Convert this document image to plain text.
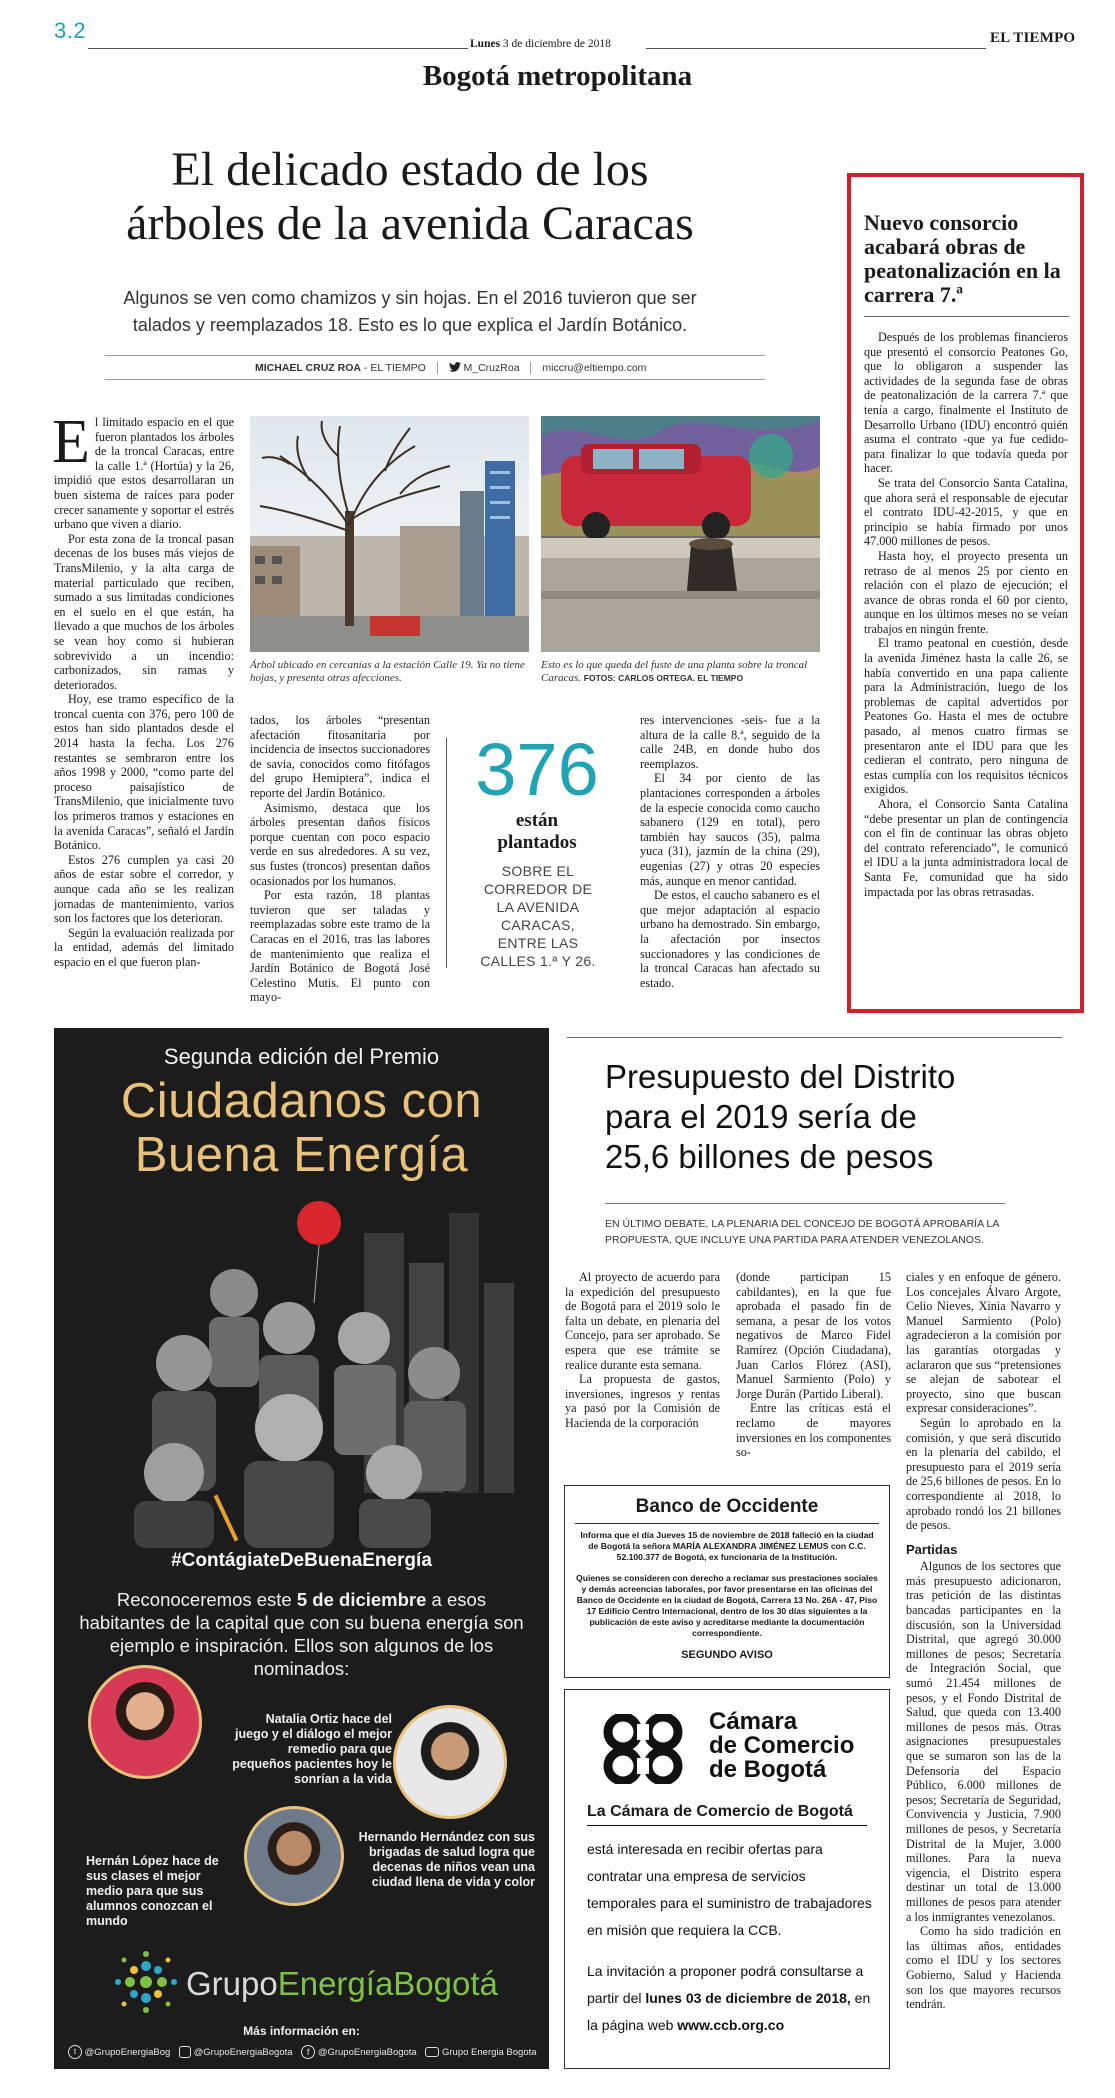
3.2
Lunes 3 de diciembre de 2018	EL TIEMPO
Bogotá metropolitana
El delicado estado de los
árboles de la avenida Caracas
Algunos se ven como chamizos y sin hojas. En el 2016 tuvieron que ser
talados y reemplazados 18. Esto es lo que explica el Jardín Botánico.
MICHAEL CRUZ ROA - EL TIEMPO	M_CruzRoa miccru@eltiempo.com
E l limitado espacio en el que fueron plantados los árboles de la troncal Caracas, entre la calle 1.ª (Hortúa) y la 26, impidió que estos desarrollaran un buen sistema de raíces para poder crecer sanamente y soportar el estrés urbano que viven a diario.

Por esta zona de la troncal pasan decenas de los buses más viejos de TransMilenio, y la alta carga de material particulado que reciben, sumado a sus limitadas condiciones en el suelo en el que están, ha llevado a que muchos de los árboles se vean hoy como si hubieran sobrevivido a un incendio: carbonizados, sin ramas y deteriorados.

Hoy, ese tramo específico de la troncal cuenta con 376, pero 100 de estos han sido plantados desde el 2014 hasta la fecha. Los 276 restantes se sembraron entre los años 1998 y 2000, “como parte del proceso paisajístico de TransMilenio, que inicialmente tuvo los primeros tramos y estaciones en la avenida Caracas”, señaló el Jardín Botánico.

Estos 276 cumplen ya casi 20 años de estar sobre el corredor, y aunque cada año se les realizan jornadas de mantenimiento, varios son los factores que los deterioran.

Según la evaluación realizada por la entidad, además del limitado espacio en el que fueron plan-

Árbol ubicado en cercanías a la estación Calle 19. Ya no tiene hojas, y presenta otras afecciones.
Esto es lo que queda del fuste de una planta sobre la troncal Caracas. FOTOS: CARLOS ORTEGA. EL TIEMPO

tados, los árboles “presentan afectación fitosanitaria por incidencia de insectos succionadores de savia, conocidos como fitófagos del grupo Hemiptera”, indica el reporte del Jardín Botánico.

Asimismo, destaca que los árboles presentan daños físicos porque cuentan con poco espacio verde en sus alrededores. A su vez, sus fustes (troncos) presentan daños ocasionados por los humanos.

Por esta razón, 18 plantas tuvieron que ser taladas y reemplazadas sobre este tramo de la Caracas en el 2016, tras las labores de mantenimiento que realiza el Jardín Botánico de Bogotá José Celestino Mutis. El punto con mayo-

376
están
plantados
SOBRE EL CORREDOR DE LA AVENIDA CARACAS, ENTRE LAS CALLES 1.ª Y 26.

res intervenciones -seis- fue a la altura de la calle 8.ª, seguido de la calle 24B, en donde hubo dos reemplazos.

El 34 por ciento de las plantaciones corresponden a árboles de la especie conocida como caucho sabanero (129 en total), pero también hay saucos (35), palma yuca (31), jazmín de la china (29), eugenias (27) y otras 20 especies más, aunque en menor cantidad.

De estos, el caucho sabanero es el que mejor adaptación al espacio urbano ha demostrado. Sin embargo, la afectación por insectos succionadores y las condiciones de la troncal Caracas han afectado su estado.

Nuevo consorcio acabará obras de peatonalización en la carrera 7.ª

Después de los problemas financieros que presentó el consorcio Peatones Go, que lo obligaron a suspender las actividades de la segunda fase de obras de peatonalización de la carrera 7.ª que tenía a cargo, finalmente el Instituto de Desarrollo Urbano (IDU) encontró quién asuma el contrato -que ya fue cedido- para finalizar lo que todavía queda por hacer.

Se trata del Consorcio Santa Catalina, que ahora será el responsable de ejecutar el contrato IDU-42-2015, y que en principio se había firmado por unos 47.000 millones de pesos.

Hasta hoy, el proyecto presenta un retraso de al menos 25 por ciento en relación con el plazo de ejecución; el avance de obras ronda el 60 por ciento, aunque en los últimos meses no se veían trabajos en ningún frente.

El tramo peatonal en cuestión, desde la avenida Jiménez hasta la calle 26, se había convertido en una papa caliente para la Administración, luego de los problemas de capital advertidos por Peatones Go. Hasta el mes de octubre pasado, al menos cuatro firmas se presentaron ante el IDU para que les cedieran el contrato, pero ninguna de estas cumplía con los requisitos técnicos exigidos.

Ahora, el Consorcio Santa Catalina “debe presentar un plan de contingencia con el fin de continuar las obras objeto del contrato referenciado”, le comunicó el IDU a la junta administradora local de Santa Fe, comunidad que ha sido impactada por las obras retrasadas.

Segunda edición del Premio
Ciudadanos con
Buena Energía
#ContágiateDeBuenaEnergía
Reconoceremos este 5 de diciembre a esos habitantes de la capital que con su buena energía son ejemplo e inspiración. Ellos son algunos de los nominados:
Natalia Ortiz hace del juego y el diálogo el mejor remedio para que pequeños pacientes hoy le sonrían a la vida
Hernando Hernández con sus brigadas de salud logra que decenas de niños vean una ciudad llena de vida y color
Hernán López hace de sus clases el mejor medio para que sus alumnos conozcan el mundo
GrupoEnergíaBogotá
Más información en:
t @GrupoEnergiaBog @GrupoEnergiaBogota f @GrupoEnergiaBogota	Grupo Energia Bogota
Presupuesto del Distrito
para el 2019 sería de
25,6 billones de pesos
EN ÚLTIMO DEBATE, LA PLENARIA DEL CONCEJO DE BOGOTÁ APROBARÍA LA PROPUESTA, QUE INCLUYE UNA PARTIDA PARA ATENDER VENEZOLANOS.

Al proyecto de acuerdo para la expedición del presupuesto de Bogotá para el 2019 solo le falta un debate, en plenaria del Concejo, para ser aprobado. Se espera que ese trámite se realice durante esta semana.

La propuesta de gastos, inversiones, ingresos y rentas ya pasó por la Comisión de Hacienda de la corporación

(donde participan 15 cabildantes), en la que fue aprobada el pasado fin de semana, a pesar de los votos negativos de Marco Fidel Ramírez (Opción Ciudadana), Juan Carlos Flórez (ASI), Manuel Sarmiento (Polo) y Jorge Durán (Partido Liberal).

Entre las críticas está el reclamo de mayores inversiones en los componentes so-

ciales y en enfoque de género. Los concejales Álvaro Argote, Celio Nieves, Xinia Navarro y Manuel Sarmiento (Polo) agradecieron a la comisión por las garantías otorgadas y aclararon que sus “pretensiones se alejan de sabotear el proyecto, sino que buscan expresar consideraciones”.

Según lo aprobado en la comisión, y que será discutido en la plenaria del cabildo, el presupuesto para el 2019 sería de 25,6 billones de pesos. En lo correspondiente al 2018, lo aprobado rondó los 21 billones de pesos.

Partidas

Algunos de los sectores que más presupuesto adicionaron, tras petición de las distintas bancadas participantes en la discusión, son la Universidad Distrital, que agregó 30.000 millones de pesos; Secretaría de Integración Social, que sumó 21.454 millones de pesos, y el Fondo Distrital de Salud, que queda con 13.400 millones de pesos más. Otras asignaciones presupuestales que se sumaron son las de la Defensoría del Espacio Público, 6.000 millones de pesos; Secretaría de Seguridad, Convivencia y Justicia, 7.900 millones de pesos, y Secretaría Distrital de la Mujer, 3.000 millones. Para la nueva vigencia, el Distrito espera destinar un total de 13.000 millones de pesos para atender a los inmigrantes venezolanos.

Como ha sido tradición en las últimas años, entidades como el IDU y los sectores Gobierno, Salud y Hacienda son los que mayores recursos tendrán.

Banco de Occidente
Informa que el día Jueves 15 de noviembre de 2018 falleció en la ciudad de Bogotá la señora MARÍA ALEXANDRA JIMÉNEZ LEMUS con C.C. 52.100.377 de Bogotá, ex funcionaria de la Institución.
Quienes se consideren con derecho a reclamar sus prestaciones sociales y demás acreencias laborales, por favor presentarse en las oficinas del Banco de Occidente en la ciudad de Bogotá, Carrera 13 No. 26A - 47, Piso 17 Edificio Centro Internacional, dentro de los 30 días siguientes a la publicación de este aviso y acreditarse mediante la documentación correspondiente.
SEGUNDO AVISO
Cámara
de Comercio
de Bogotá
La Cámara de Comercio de Bogotá
está interesada en recibir ofertas para contratar una empresa de servicios temporales para el suministro de trabajadores en misión que requiera la CCB.
La invitación a proponer podrá consultarse a partir del lunes 03 de diciembre de 2018, en la página web www.ccb.org.co
